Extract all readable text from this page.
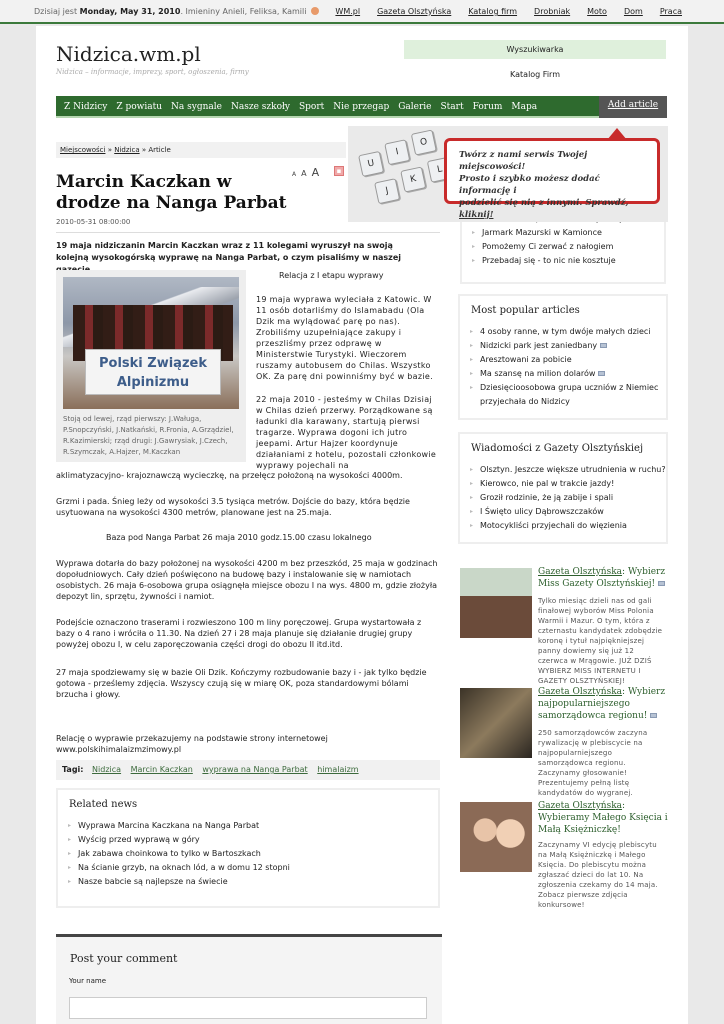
Dzisiaj jest Monday, May 31, 2010. Imieniny Anieli, Feliksa, Kamili	WM.pl Gazeta Olsztyńska Katalog firm Drobniak Moto Dom Praca
Nidzica.wm.pl
Nidzica – informacje, imprezy, sport, ogłoszenia, firmy
Wyszukiwarka
Katalog Firm
Z Nidzicy Z powiatu Na sygnale Nasze szkoły Sport Nie przegap Galerie Start Forum Mapa	Add article
Miejscowości » Nidzica » Article
A A A	▪
Marcin Kaczkan w drodze na Nanga Parbat
2010-05-31 08:00:00
19 maja nidziczanin Marcin Kaczkan wraz z 11 kolegami wyruszył na swoją kolejną wysokogórską wyprawę na Nanga Parbat, o czym pisaliśmy w naszej
Relacja z I etapu wyprawy
Polski Związek Alpinizmu
Stoją od lewej, rząd pierwszy: J.Waługa, P.Snopczyński, J.Natkański, R.Fronia, A.Grządziel, R.Kazimierski; rząd drugi: J.Gawrysiak, J.Czech, R.Szymczak, A.Hajzer, M.Kaczkan

19 maja wyprawa wyleciała z Katowic. W 11 osób dotarliśmy do Islamabadu (Ola Dzik ma wylądować parę po nas). Zrobiliśmy uzupełniające zakupy i przeszliśmy przez odprawę w Ministerstwie Turystyki. Wieczorem ruszamy autobusem do Chilas. Wszystko OK. Za parę dni powinniśmy być w bazie.

22 maja 2010 - jesteśmy w Chilas Dzisiaj w Chilas dzień przerwy. Porządkowane są ładunki dla karawany, startują pierwsi tragarze. Wyprawa dogoni ich jutro jeepami. Artur Hajzer koordynuje działaniami z hotelu, pozostali członkowie wyprawy pojechali na

aklimatyzacyjno- krajoznawczą wycieczkę, na przełęcz położoną na wysokości 4000m.

Grzmi i pada. Śnieg leży od wysokości 3.5 tysiąca metrów. Dojście do bazy, która będzie usytuowana na wysokości 4300 metrów, planowane jest na 25.maja.

Baza pod Nanga Parbat 26 maja 2010 godz.15.00 czasu lokalnego

Wyprawa dotarła do bazy położonej na wysokości 4200 m bez przeszkód, 25 maja w godzinach dopołudniowych. Cały dzień poświęcono na budowę bazy i instalowanie się w namiotach osobistych. 26 maja 6-osobowa grupa osiągnęła miejsce obozu I na wys. 4800 m, gdzie złożyła depozyt lin, sprzętu, żywności i namiot.

Podejście oznaczono traserami i rozwieszono 100 m liny poręczowej. Grupa wystartowała z bazy o 4 rano i wróciła o 11.30. Na dzień 27 i 28 maja planuje się działanie drugiej grupy powyżej obozu I, w celu zaporęczowania części drogi do obozu II itd.itd.

27 maja spodziewamy się w bazie Oli Dzik. Kończymy rozbudowanie bazy i - jak tylko będzie gotowa - prześlemy zdjęcia. Wszyscy czują się w miarę OK, poza standardowymi bólami brzucha i głowy.

Relację o wyprawie przekazujemy na podstawie strony internetowej www.polskihimalaizmzimowy.pl

Tagi: Nidzica Marcin Kaczkan wyprawa na Nanga Parbat himalaizm
Related news
▸ Wyprawa Marcina Kaczkana na Nanga Parbat
▸ Wyścig przed wyprawą w góry
▸ Jak zabawa choinkowa to tylko w Bartoszkach
▸ Na ścianie grzyb, na oknach lód, a w domu 12 stopni
▸ Nasze babcie są najlepsze na świecie
Post your comment
Your name
▸
▸ Jarmark Mazurski w Kamionce
▸ Pomożemy Ci zerwać z nałogiem
▸ Przebadaj się - to nic nie kosztuje
U
I
O
J
K
L
Twórz z nami serwis Twojej miejscowości!
Prosto i szybko możesz dodać informację i
podzielić się nią z innymi. Sprawdź, kliknij!
Most popular articles
▸ 4 osoby ranne, w tym dwóje małych dzieci
▸ Nidzicki park jest zaniedbany
▸ Aresztowani za pobicie
▸ Ma szansę na milion dolarów
▸ Dziesięcioosobowa grupa uczniów z Niemiec przyjechała do Nidzicy
Wiadomości z Gazety Olsztyńskiej
▸ Olsztyn. Jeszcze większe utrudnienia w ruchu?
▸ Kierowco, nie pal w trakcie jazdy!
▸ Groził rodzinie, że ją zabije i spali
▸ I Święto ulicy Dąbrowszczaków
▸ Motocykliści przyjechali do więzienia
Gazeta Olsztyńska: Wybierz Miss Gazety Olsztyńskiej!
Tylko miesiąc dzieli nas od gali finałowej wyborów Miss Polonia Warmii i Mazur. O tym, która z czternastu kandydatek zdobędzie koronę i tytuł najpiękniejszej panny dowiemy się już 12 czerwca w Mrągowie. JUŻ DZIŚ WYBIERZ MISS INTERNETU I GAZETY OLSZTYŃSKIEJ!
Gazeta Olsztyńska: Wybierz najpopularniejszego samorządowca regionu!
250 samorządowców zaczyna rywalizację w plebiscycie na najpopularniejszego samorządowca regionu. Zaczynamy głosowanie! Prezentujemy pełną listę kandydatów do wygranej.
Gazeta Olsztyńska: Wybieramy Małego Księcia i Małą Księżniczkę!
Zaczynamy VI edycję plebiscytu na Małą Księżniczkę i Małego Księcia. Do plebiscytu można zgłaszać dzieci do lat 10. Na zgłoszenia czekamy do 14 maja. Zobacz pierwsze zdjęcia konkursowe!
